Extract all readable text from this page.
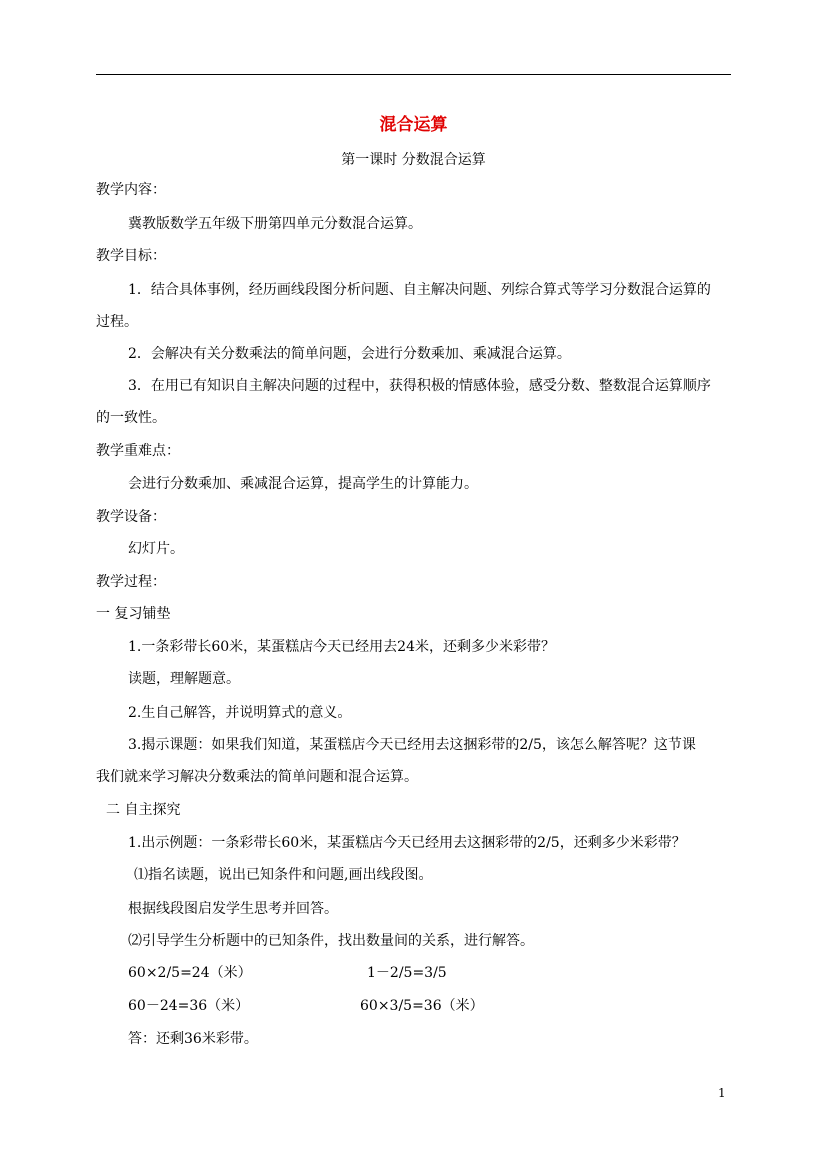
混合运算
第一课时 分数混合运算
教学内容：
冀教版数学五年级下册第四单元分数混合运算。
教学目标：
1．结合具体事例，经历画线段图分析问题、自主解决问题、列综合算式等学习分数混合运算的
过程。
2．会解决有关分数乘法的简单问题，会进行分数乘加、乘减混合运算。
3．在用已有知识自主解决问题的过程中，获得积极的情感体验，感受分数、整数混合运算顺序
的一致性。
教学重难点：
会进行分数乘加、乘减混合运算，提高学生的计算能力。
教学设备：
幻灯片。
教学过程：
一 复习铺垫
1.一条彩带长60米，某蛋糕店今天已经用去24米，还剩多少米彩带？
读题，理解题意。
2.生自己解答，并说明算式的意义。
3.揭示课题：如果我们知道，某蛋糕店今天已经用去这捆彩带的2/5，该怎么解答呢？这节课
我们就来学习解决分数乘法的简单问题和混合运算。
二 自主探究
1.出示例题：一条彩带长60米，某蛋糕店今天已经用去这捆彩带的2/5，还剩多少米彩带？
⑴指名读题，说出已知条件和问题,画出线段图。
根据线段图启发学生思考并回答。
⑵引导学生分析题中的已知条件，找出数量间的关系，进行解答。
60×2/5=24（米）	1－2/5=3/5
60－24=36（米）	60×3/5=36（米）
答：还剩36米彩带。
1
